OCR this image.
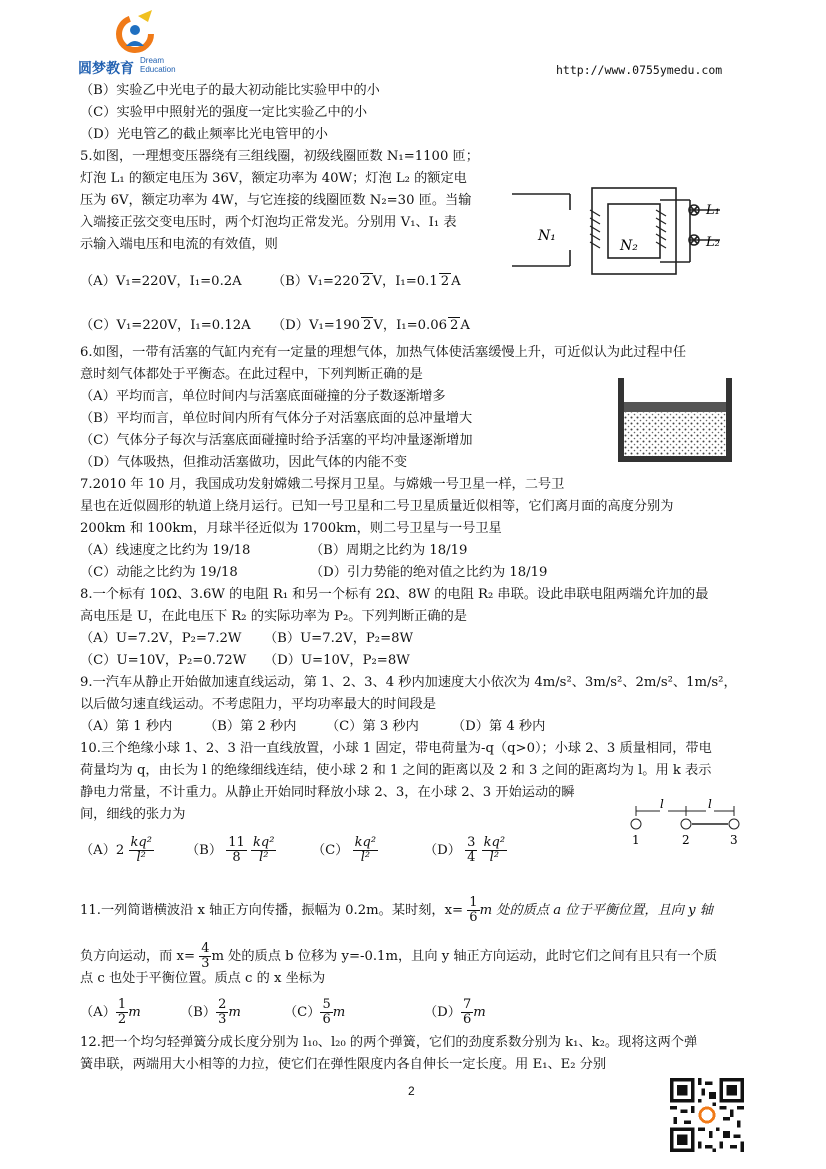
圆梦教育
Dream
Education	http://www.0755ymedu.com
（B）实验乙中光电子的最大初动能比实验甲中的小
（C）实验甲中照射光的强度一定比实验乙中的小
（D）光电管乙的截止频率比光电管甲的小
5.如图，一理想变压器绕有三组线圈，初级线圈匝数 N₁=1100 匝；
灯泡 L₁ 的额定电压为 36V，额定功率为 40W；灯泡 L₂ 的额定电
压为 6V，额定功率为 4W，与它连接的线圈匝数 N₂=30 匝。当输
入端接正弦交变电压时，两个灯泡均正常发光。分别用 V₁、I₁ 表
示输入端电压和电流的有效值，则
N₁
N₂
L₁
L₂
（A）V₁=220V，I₁=0.2A （B）V₁=220 2 V，I₁=0.1 2 A
（C）V₁=220V，I₁=0.12A （D）V₁=190 2 V，I₁=0.06 2 A
6.如图，一带有活塞的气缸内充有一定量的理想气体，加热气体使活塞缓慢上升，可近似认为此过程中任
意时刻气体都处于平衡态。在此过程中，下列判断正确的是
（A）平均而言，单位时间内与活塞底面碰撞的分子数逐渐增多
（B）平均而言，单位时间内所有气体分子对活塞底面的总冲量增大
（C）气体分子每次与活塞底面碰撞时给予活塞的平均冲量逐渐增加
（D）气体吸热，但推动活塞做功，因此气体的内能不变
7.2010 年 10 月，我国成功发射嫦娥二号探月卫星。与嫦娥一号卫星一样，二号卫
星也在近似圆形的轨道上绕月运行。已知一号卫星和二号卫星质量近似相等，它们离月面的高度分别为
200km 和 100km，月球半径近似为 1700km，则二号卫星与一号卫星
（A）线速度之比约为 19/18	（B）周期之比约为 18/19
（C）动能之比约为 19/18	（D）引力势能的绝对值之比约为 18/19
8.一个标有 10Ω、3.6W 的电阻 R₁ 和另一个标有 2Ω、8W 的电阻 R₂ 串联。设此串联电阻两端允许加的最
高电压是 U，在此电压下 R₂ 的实际功率为 P₂。下列判断正确的是
（A）U=7.2V，P₂=7.2W （B）U=7.2V，P₂=8W
（C）U=10V，P₂=0.72W （D）U=10V，P₂=8W
9.一汽车从静止开始做加速直线运动，第 1、2、3、4 秒内加速度大小依次为 4m/s²、3m/s²、2m/s²、1m/s²，
以后做匀速直线运动。不考虑阻力，平均功率最大的时间段是
（A）第 1 秒内 （B）第 2 秒内 （C）第 3 秒内	（D）第 4 秒内
10.三个绝缘小球 1、2、3 沿一直线放置，小球 1 固定，带电荷量为-q（q>0）；小球 2、3 质量相同，带电
荷量均为 q，由长为 l 的绝缘细线连结，使小球 2 和 1 之间的距离以及 2 和 3 之间的距离均为 l。用 k 表示
静电力常量，不计重力。从静止开始同时释放小球 2、3，在小球 2、3 开始运动的瞬
间，细线的张力为
l	l
1	2	3
$(A)2 \frac{\text{kq²}}{\text{l²}} (B) \frac{11}{8}$
$\frac{\text{kq²}}{\text{l²}}$	$(C) \frac{\text{kq²}}{\text{l²}}$	$(D) \frac{3}{4}$
$\frac{\text{kq²}}{\text{l²}}$
11.一列简谐横波沿 x 轴正方向传播，振幅为 0.2m。某时刻，$x= \frac{1}{6}$ m 处的质点 a 位于平衡位置，且向 y 轴
负方向运动，而 $x= \frac{4}{3}$ m 处的质点 b 位移为 y=-0.1m，且向 y 轴正方向运动，此时它们之间有且只有一个质
点 c 也处于平衡位置。质点 c 的 x 坐标为
$(A) \frac{1}{2}$ m	$(B) \frac{2}{3}$ m	$(C) \frac{5}{6}$ m	$(D) \frac{7}{6}$ m
12.把一个均匀轻弹簧分成长度分别为 l₁₀、l₂₀ 的两个弹簧，它们的劲度系数分别为 k₁、k₂。现将这两个弹
簧串联，两端用大小相等的力拉，使它们在弹性限度内各自伸长一定长度。用 E₁、E₂ 分别
2
